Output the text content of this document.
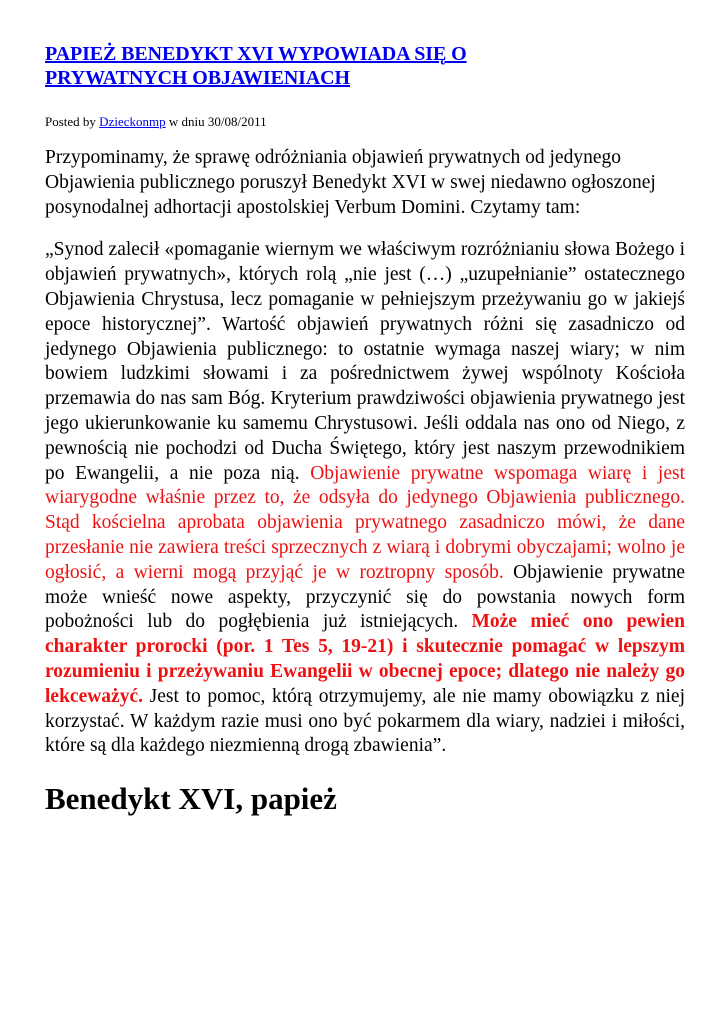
PAPIEŻ BENEDYKT XVI WYPOWIADA SIĘ O
PRYWATNYCH OBJAWIENIACH
Posted by Dzieckonmp w dniu 30/08/2011

Przypominamy, że sprawę odróżniania objawień prywatnych od jedynego Objawienia publicznego poruszył Benedykt XVI w swej niedawno ogłoszonej posynodalnej adhortacji apostolskiej Verbum Domini. Czytamy tam:

„Synod zalecił «pomaganie wiernym we właściwym rozróżnianiu słowa Bożego i objawień prywatnych», których rolą „nie jest (…) „uzupełnianie” ostatecznego Objawienia Chrystusa, lecz pomaganie w pełniejszym przeżywaniu go w jakiejś epoce historycznej”. Wartość objawień prywatnych różni się zasadniczo od jedynego Objawienia publicznego: to ostatnie wymaga naszej wiary; w nim bowiem ludzkimi słowami i za pośrednictwem żywej wspólnoty Kościoła przemawia do nas sam Bóg. Kryterium prawdziwości objawienia prywatnego jest jego ukierunkowanie ku samemu Chrystusowi. Jeśli oddala nas ono od Niego, z pewnością nie pochodzi od Ducha Świętego, który jest naszym przewodnikiem po Ewangelii, a nie poza nią. Objawienie prywatne wspomaga wiarę i jest wiarygodne właśnie przez to, że odsyła do jedynego Objawienia publicznego. Stąd kościelna aprobata objawienia prywatnego zasadniczo mówi, że dane przesłanie nie zawiera treści sprzecznych z wiarą i dobrymi obyczajami; wolno je ogłosić, a wierni mogą przyjąć je w roztropny sposób. Objawienie prywatne może wnieść nowe aspekty, przyczynić się do powstania nowych form pobożności lub do pogłębienia już istniejących. Może mieć ono pewien charakter prorocki (por. 1 Tes 5, 19-21) i skutecznie pomagać w lepszym rozumieniu i przeżywaniu Ewangelii w obecnej epoce; dlatego nie należy go lekceważyć. Jest to pomoc, którą otrzymujemy, ale nie mamy obowiązku z niej korzystać. W każdym razie musi ono być pokarmem dla wiary, nadziei i miłości, które są dla każdego niezmienną drogą zbawienia”.

Benedykt XVI, papież
